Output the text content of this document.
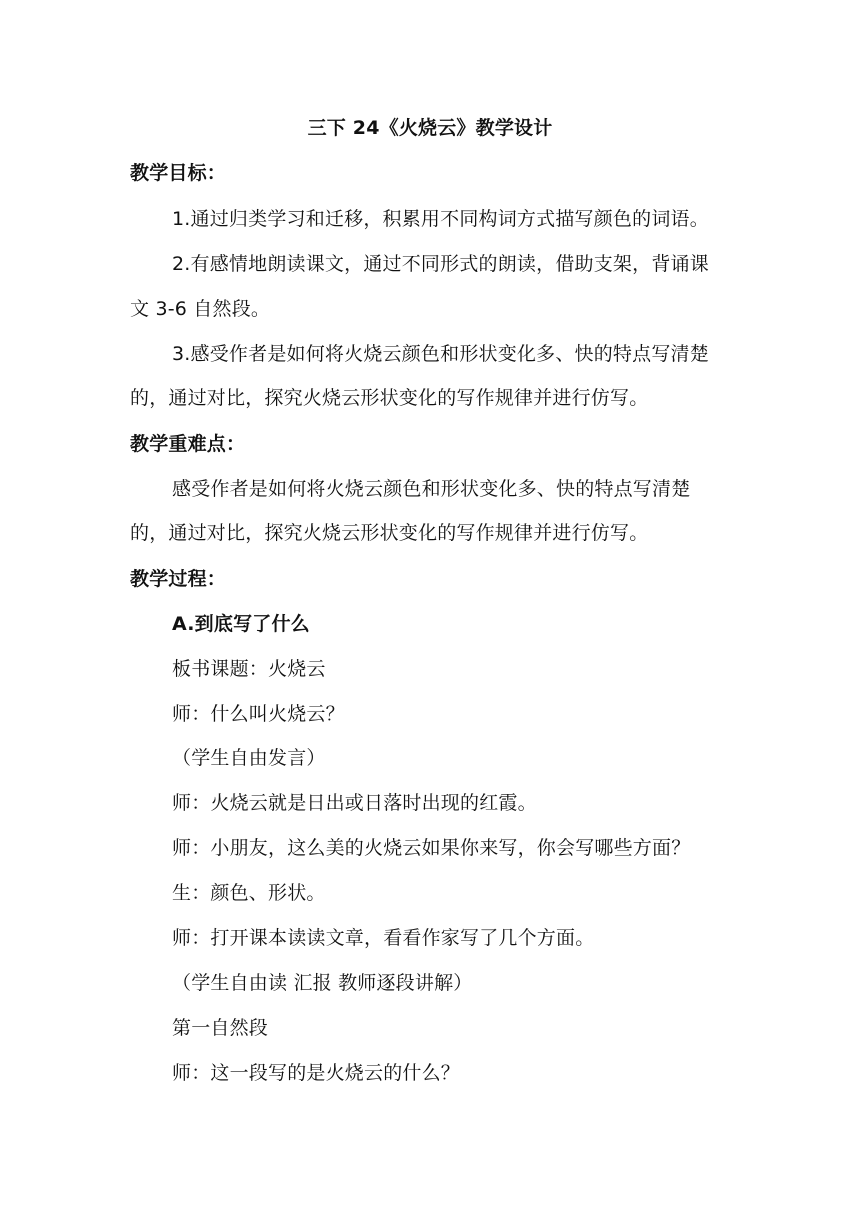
三下 24《火烧云》教学设计
教学目标：
1.通过归类学习和迁移，积累用不同构词方式描写颜色的词语。
2.有感情地朗读课文，通过不同形式的朗读，借助支架，背诵课
文 3-6 自然段。
3.感受作者是如何将火烧云颜色和形状变化多、快的特点写清楚
的，通过对比，探究火烧云形状变化的写作规律并进行仿写。
教学重难点：
感受作者是如何将火烧云颜色和形状变化多、快的特点写清楚
的，通过对比，探究火烧云形状变化的写作规律并进行仿写。
教学过程：
A.到底写了什么
板书课题：火烧云
师：什么叫火烧云？
（学生自由发言）
师：火烧云就是日出或日落时出现的红霞。
师：小朋友，这么美的火烧云如果你来写，你会写哪些方面？
生：颜色、形状。
师：打开课本读读文章，看看作家写了几个方面。
（学生自由读 汇报 教师逐段讲解）
第一自然段
师：这一段写的是火烧云的什么？
